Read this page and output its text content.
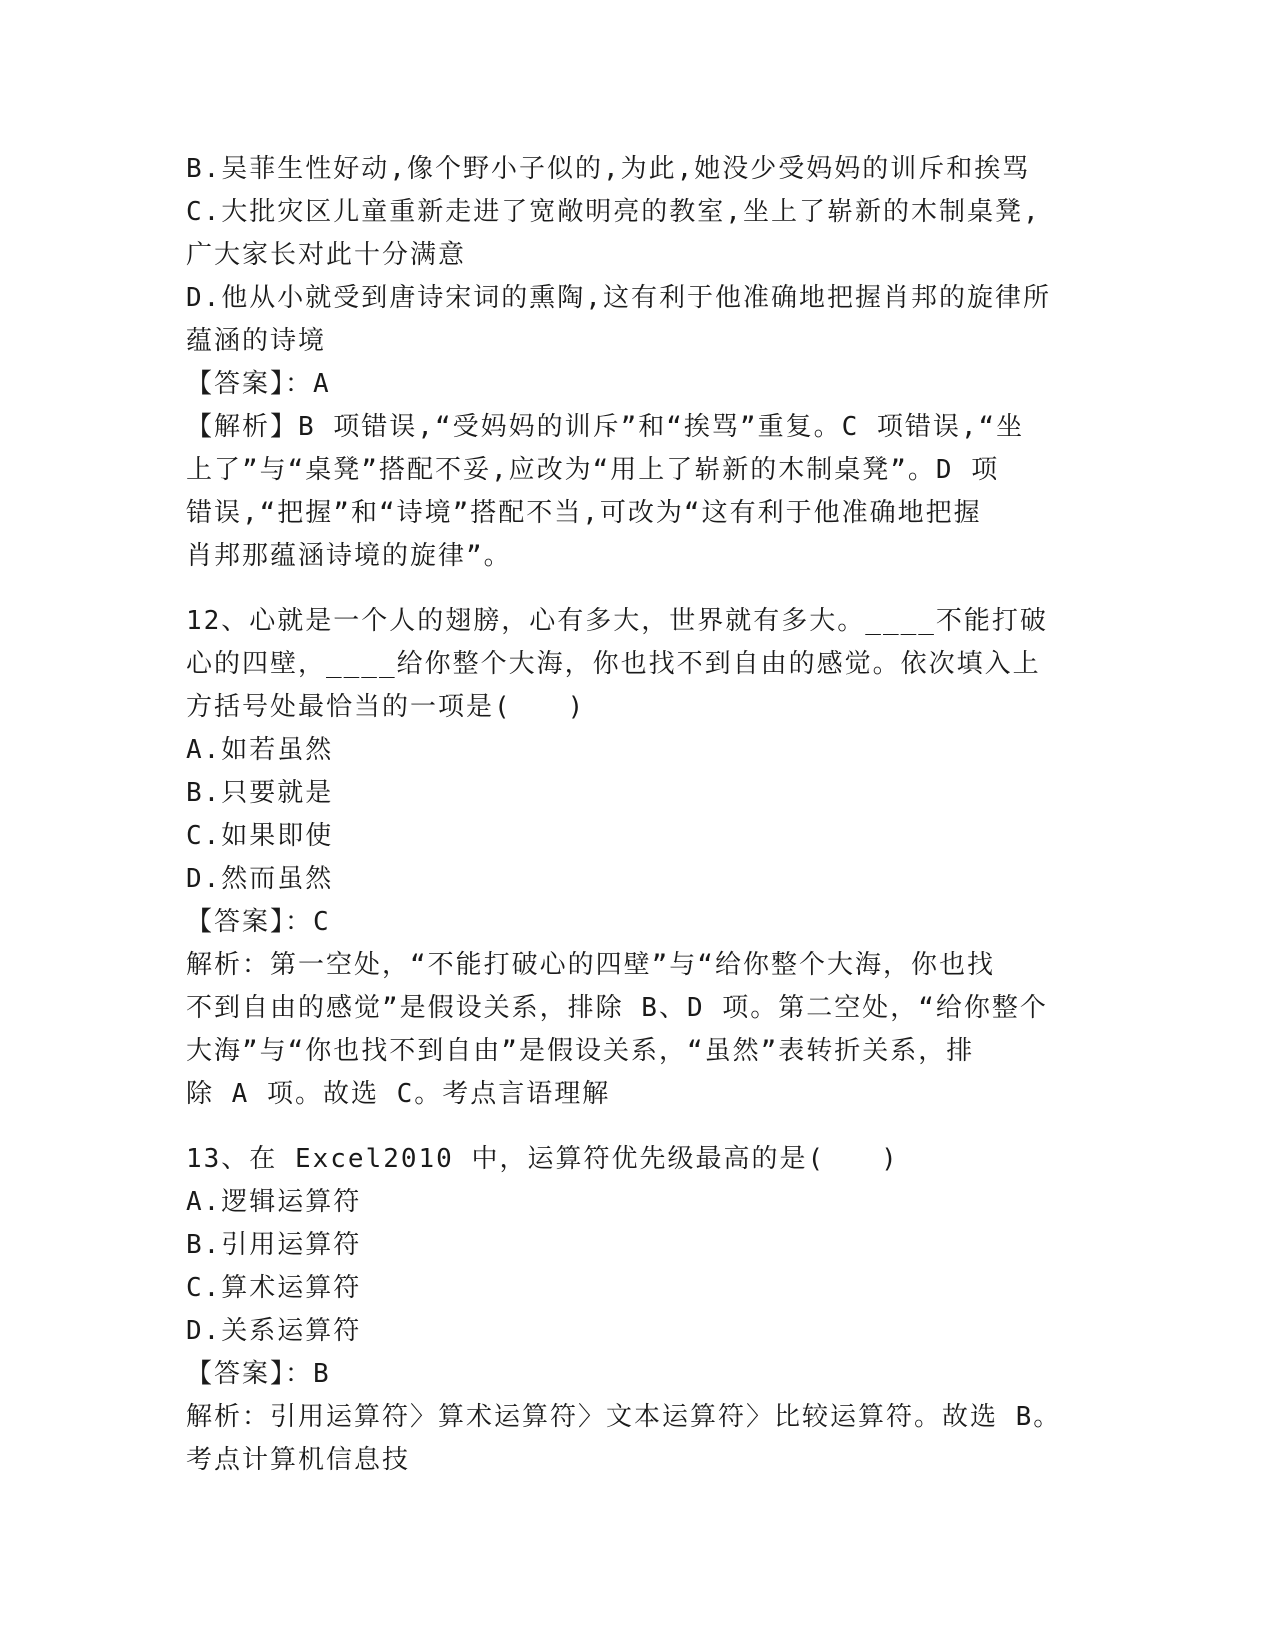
B.吴菲生性好动,像个野小子似的,为此,她没少受妈妈的训斥和挨骂
C.大批灾区儿童重新走进了宽敞明亮的教室,坐上了崭新的木制桌凳,
广大家长对此十分满意
D.他从小就受到唐诗宋词的熏陶,这有利于他准确地把握肖邦的旋律所
蕴涵的诗境
【答案】：A
【解析】B 项错误,“受妈妈的训斥”和“挨骂”重复。C 项错误,“坐
上了”与“桌凳”搭配不妥,应改为“用上了崭新的木制桌凳”。D 项
错误,“把握”和“诗境”搭配不当,可改为“这有利于他准确地把握
肖邦那蕴涵诗境的旋律”。
12、心就是一个人的翅膀，心有多大，世界就有多大。____不能打破
心的四壁，____给你整个大海，你也找不到自由的感觉。依次填入上
方括号处最恰当的一项是(　　)
A.如若虽然
B.只要就是
C.如果即使
D.然而虽然
【答案】：C
解析：第一空处，“不能打破心的四壁”与“给你整个大海，你也找
不到自由的感觉”是假设关系，排除 B、D 项。第二空处，“给你整个
大海”与“你也找不到自由”是假设关系，“虽然”表转折关系，排
除 A 项。故选 C。考点言语理解
13、在 Excel2010 中，运算符优先级最高的是(　　)
A.逻辑运算符
B.引用运算符
C.算术运算符
D.关系运算符
【答案】：B
解析：引用运算符〉算术运算符〉文本运算符〉比较运算符。故选 B。
考点计算机信息技
